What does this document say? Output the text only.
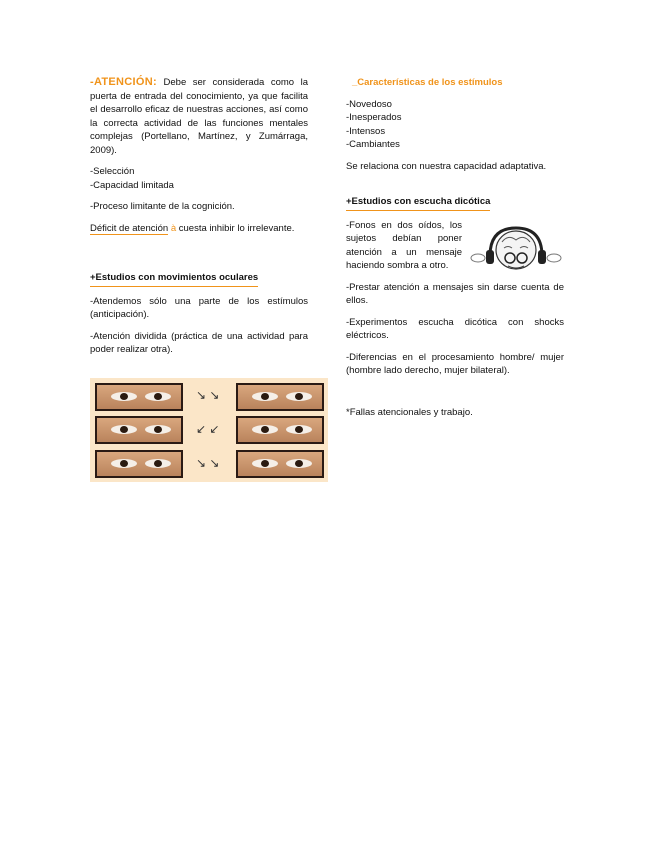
-ATENCIÓN: Debe ser considerada como la puerta de entrada del conocimiento, ya que facilita el desarrollo eficaz de nuestras acciones, así como la correcta actividad de las funciones mentales complejas (Portellano, Martínez, y Zumárraga, 2009).

-Selección
-Capacidad limitada

-Proceso limitante de la cognición.

Déficit de atención à cuesta inhibir lo irrelevante.

+Estudios con movimientos oculares

-Atendemos sólo una parte de los estímulos (anticipación).

-Atención dividida (práctica de una actividad para poder realizar otra).

↘ ↘
↙ ↙
↘ ↘

_Características de los estímulos

-Novedoso
-Inesperados
-Intensos
-Cambiantes

Se relaciona con nuestra capacidad adaptativa.

+Estudios con escucha dicótica

-Fonos en dos oídos, los sujetos debían poner atención a un mensaje haciendo sombra a otro.

-Prestar atención a mensajes sin darse cuenta de ellos.

-Experimentos escucha dicótica con shocks eléctricos.

-Diferencias en el procesamiento hombre/ mujer (hombre lado derecho, mujer bilateral).

*Fallas atencionales y trabajo.
